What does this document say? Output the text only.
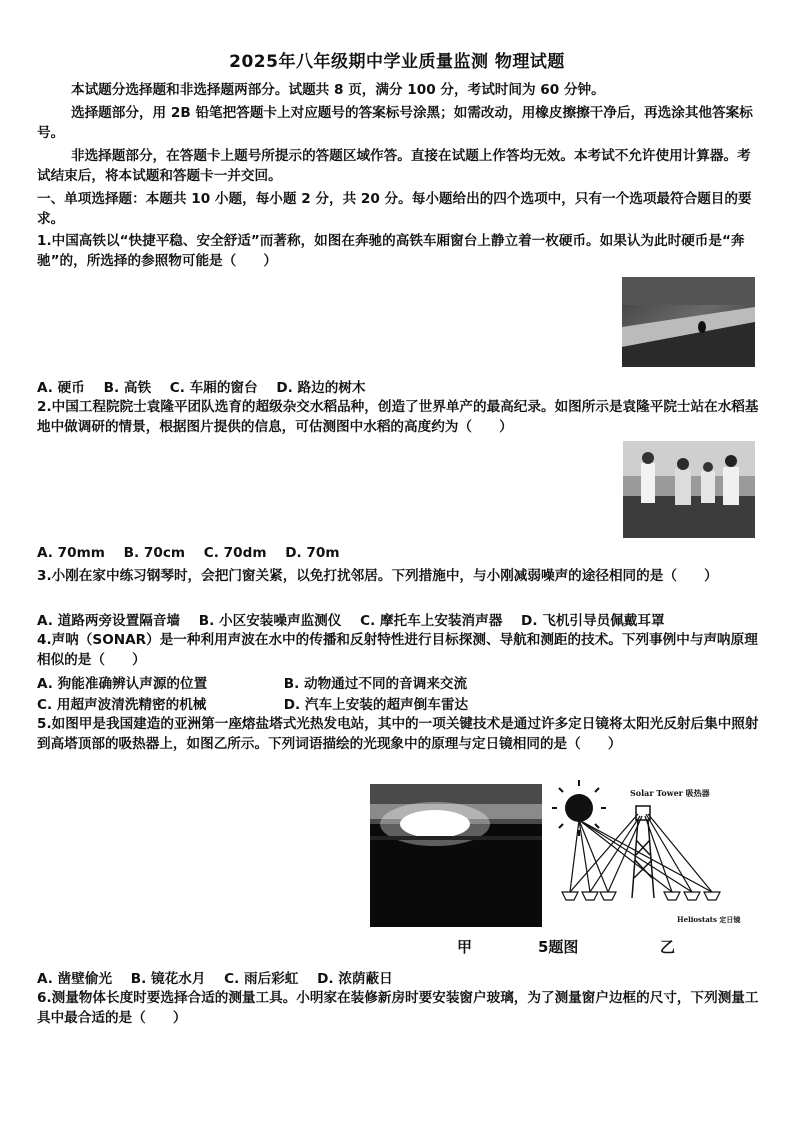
2025年八年级期中学业质量监测 物理试题
本试题分选择题和非选择题两部分。试题共 8 页，满分 100 分，考试时间为 60 分钟。
选择题部分，用 2B 铅笔把答题卡上对应题号的答案标号涂黑；如需改动，用橡皮擦擦干净后，再选涂其他答案标号。
非选择题部分，在答题卡上题号所提示的答题区域作答。直接在试题上作答均无效。本考试不允许使用计算器。考试结束后，将本试题和答题卡一并交回。
一、单项选择题：本题共 10 小题，每小题 2 分，共 20 分。每小题给出的四个选项中，只有一个选项最符合题目的要求。
1.中国高铁以“快捷平稳、安全舒适”而著称，如图在奔驰的高铁车厢窗台上静立着一枚硬币。如果认为此时硬币是“奔驰”的，所选择的参照物可能是（　　）
A. 硬币 B. 高铁 C. 车厢的窗台 D. 路边的树木
2.中国工程院院士袁隆平团队选育的超级杂交水稻品种，创造了世界单产的最高纪录。如图所示是袁隆平院士站在水稻基地中做调研的情景，根据图片提供的信息，可估测图中水稻的高度约为（　　）
A. 70mm B. 70cm C. 70dm D. 70m
3.小刚在家中练习钢琴时，会把门窗关紧，以免打扰邻居。下列措施中，与小刚减弱噪声的途径相同的是（　　）
A. 道路两旁设置隔音墙 B. 小区安装噪声监测仪 C. 摩托车上安装消声器 D. 飞机引导员佩戴耳罩
4.声呐（SONAR）是一种利用声波在水中的传播和反射特性进行目标探测、导航和测距的技术。下列事例中与声呐原理相似的是（　　）
A. 狗能准确辨认声源的位置	B. 动物通过不同的音调来交流
C. 用超声波清洗精密的机械	D. 汽车上安装的超声倒车雷达
5.如图甲是我国建造的亚洲第一座熔盐塔式光热发电站，其中的一项关键技术是通过许多定日镜将太阳光反射后集中照射到高塔顶部的吸热器上，如图乙所示。下列词语描绘的光现象中的原理与定日镜相同的是（　　）
Solar Tower 吸热器
Heliostats 定日镜
甲	5题图	乙
A. 凿壁偷光 B. 镜花水月 C. 雨后彩虹 D. 浓荫蔽日
6.测量物体长度时要选择合适的测量工具。小明家在装修新房时要安装窗户玻璃，为了测量窗户边框的尺寸，下列测量工具中最合适的是（　　）
